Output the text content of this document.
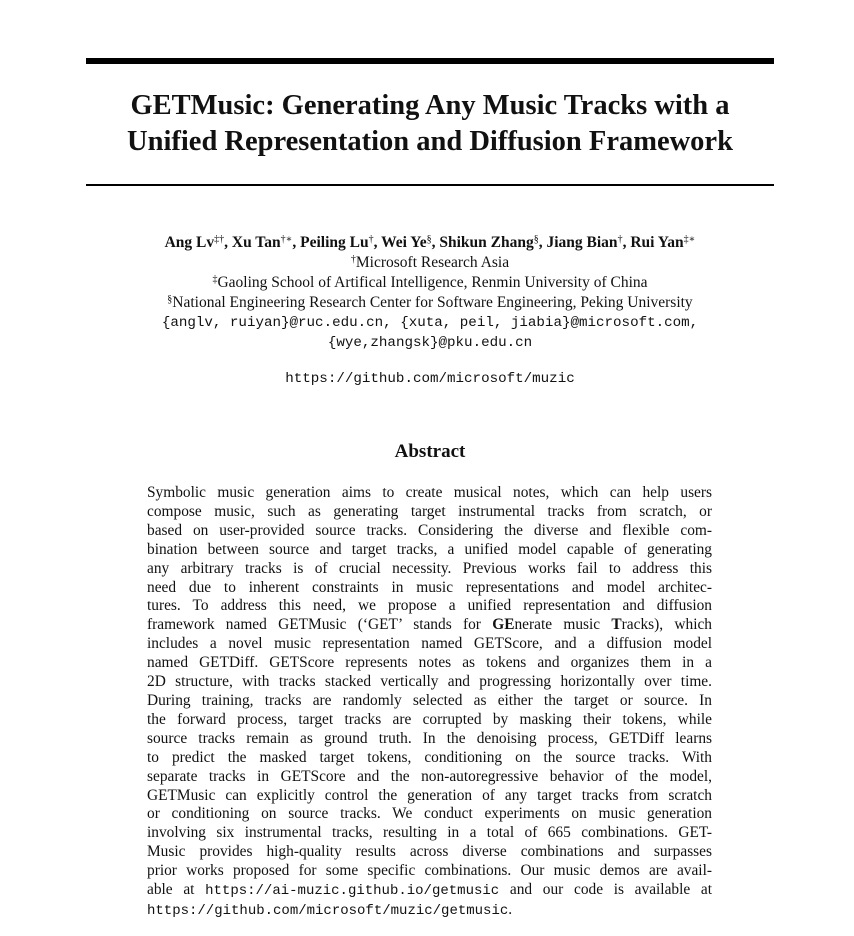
GETMusic: Generating Any Music Tracks with a
Unified Representation and Diffusion Framework
Ang Lv‡†, Xu Tan†∗, Peiling Lu†, Wei Ye§, Shikun Zhang§, Jiang Bian†, Rui Yan‡∗
†Microsoft Research Asia
‡Gaoling School of Artifical Intelligence, Renmin University of China
§National Engineering Research Center for Software Engineering, Peking University
{anglv, ruiyan}@ruc.edu.cn, {xuta, peil, jiabia}@microsoft.com,
{wye,zhangsk}@pku.edu.cn
https://github.com/microsoft/muzic
Abstract
Symbolic music generation aims to create musical notes, which can help users
compose music, such as generating target instrumental tracks from scratch, or
based on user-provided source tracks. Considering the diverse and flexible com-
bination between source and target tracks, a unified model capable of generating
any arbitrary tracks is of crucial necessity. Previous works fail to address this
need due to inherent constraints in music representations and model architec-
tures. To address this need, we propose a unified representation and diffusion
framework named GETMusic (‘GET’ stands for GEnerate music Tracks), which
includes a novel music representation named GETScore, and a diffusion model
named GETDiff. GETScore represents notes as tokens and organizes them in a
2D structure, with tracks stacked vertically and progressing horizontally over time.
During training, tracks are randomly selected as either the target or source. In
the forward process, target tracks are corrupted by masking their tokens, while
source tracks remain as ground truth. In the denoising process, GETDiff learns
to predict the masked target tokens, conditioning on the source tracks. With
separate tracks in GETScore and the non-autoregressive behavior of the model,
GETMusic can explicitly control the generation of any target tracks from scratch
or conditioning on source tracks. We conduct experiments on music generation
involving six instrumental tracks, resulting in a total of 665 combinations. GET-
Music provides high-quality results across diverse combinations and surpasses
prior works proposed for some specific combinations. Our music demos are avail-
able at https://ai-muzic.github.io/getmusic and our code is available at
https://github.com/microsoft/muzic/getmusic.
